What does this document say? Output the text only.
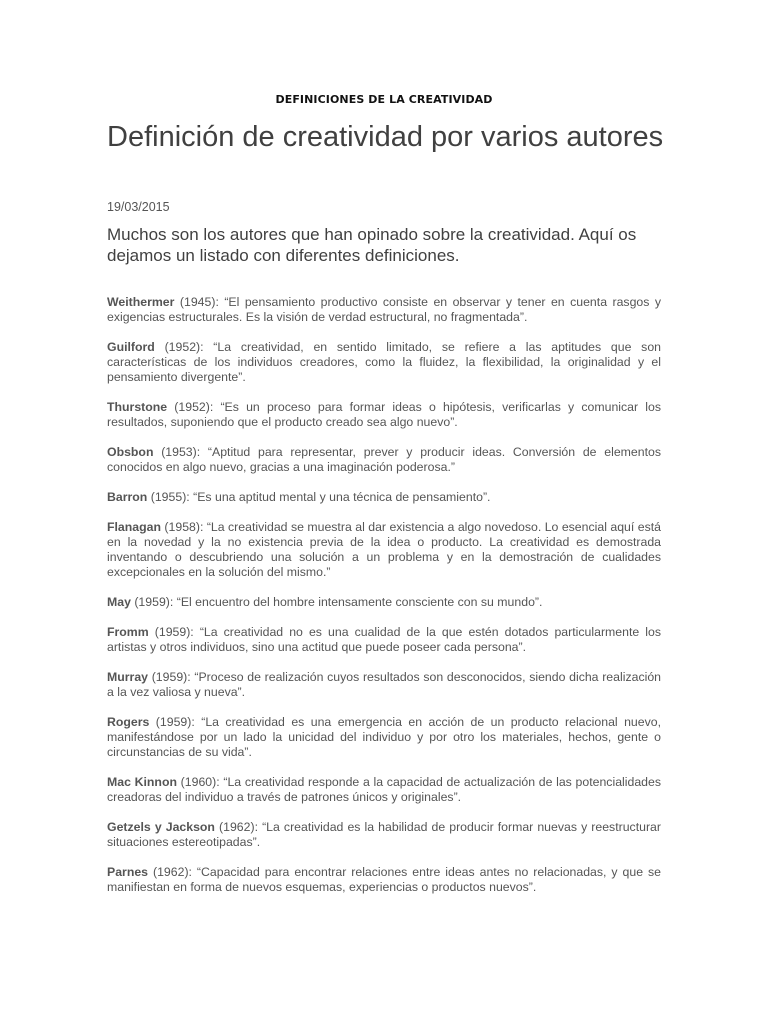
DEFINICIONES DE LA CREATIVIDAD
Definición de creatividad por varios autores
19/03/2015

Muchos son los autores que han opinado sobre la creatividad. Aquí os dejamos un listado con diferentes definiciones.

Weithermer (1945): “El pensamiento productivo consiste en observar y tener en cuenta rasgos y exigencias estructurales. Es la visión de verdad estructural, no fragmentada”.
Guilford (1952): “La creatividad, en sentido limitado, se refiere a las aptitudes que son características de los individuos creadores, como la fluidez, la flexibilidad, la originalidad y el pensamiento divergente”.
Thurstone (1952): “Es un proceso para formar ideas o hipótesis, verificarlas y comunicar los resultados, suponiendo que el producto creado sea algo nuevo”.
Obsbon (1953): “Aptitud para representar, prever y producir ideas. Conversión de elementos conocidos en algo nuevo, gracias a una imaginación poderosa.”
Barron (1955): “Es una aptitud mental y una técnica de pensamiento”.
Flanagan (1958): “La creatividad se muestra al dar existencia a algo novedoso. Lo esencial aquí está en la novedad y la no existencia previa de la idea o producto. La creatividad es demostrada inventando o descubriendo una solución a un problema y en la demostración de cualidades excepcionales en la solución del mismo.”
May (1959): “El encuentro del hombre intensamente consciente con su mundo”.
Fromm (1959): “La creatividad no es una cualidad de la que estén dotados particularmente los artistas y otros individuos, sino una actitud que puede poseer cada persona”.
Murray (1959): “Proceso de realización cuyos resultados son desconocidos, siendo dicha realización a la vez valiosa y nueva”.
Rogers (1959): “La creatividad es una emergencia en acción de un producto relacional nuevo, manifestándose por un lado la unicidad del individuo y por otro los materiales, hechos, gente o circunstancias de su vida”.
Mac Kinnon (1960): “La creatividad responde a la capacidad de actualización de las potencialidades creadoras del individuo a través de patrones únicos y originales”.
Getzels y Jackson (1962): “La creatividad es la habilidad de producir formar nuevas y reestructurar situaciones estereotipadas”.
Parnes (1962): “Capacidad para encontrar relaciones entre ideas antes no relacionadas, y que se manifiestan en forma de nuevos esquemas, experiencias o productos nuevos”.
